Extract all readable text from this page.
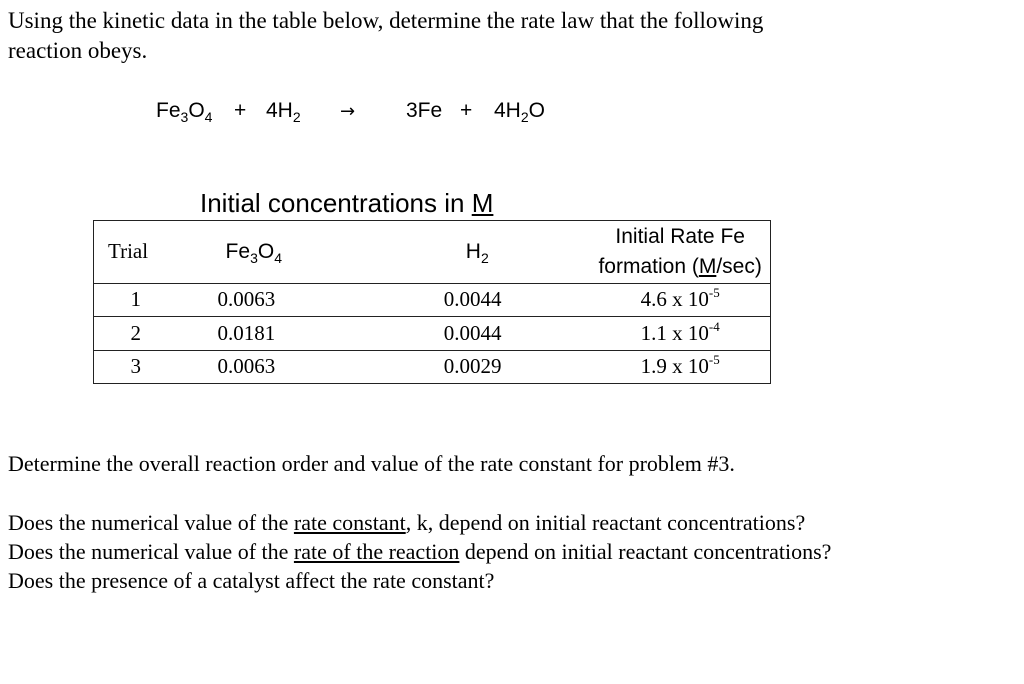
Using the kinetic data in the table below, determine the rate law that the following
reaction obeys.
$Fe_3O_4 + 4H_2 \to 3Fe + 4H_2O$
Initial concentrations in M
Trial	$Fe_3O_4$	$H_2$	Initial Rate Fe
formation (M/sec)

1	0.0063	0.0044	4.6 x $10^{-5}$
2	0.0181	0.0044	1.1 x $10^{-4}$
3	0.0063	0.0029	1.9 x $10^{-5}$
Determine the overall reaction order and value of the rate constant for problem #3.
Does the numerical value of the rate constant, k, depend on initial reactant concentrations?
Does the numerical value of the rate of the reaction depend on initial reactant concentrations?
Does the presence of a catalyst affect the rate constant?
